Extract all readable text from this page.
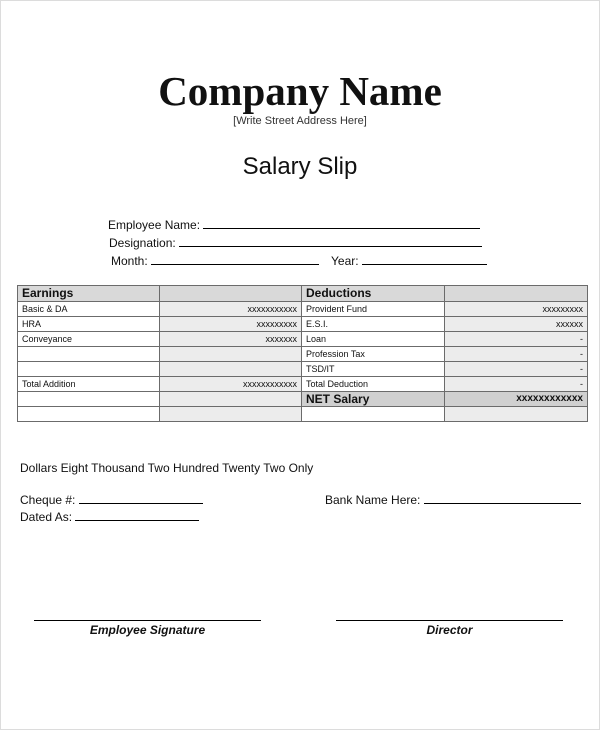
Company Name
[Write Street Address Here]
Salary Slip
Employee Name:
Designation:
Month:	Year:
Earnings		Deductions	
Basic & DA	xxxxxxxxxxx	Provident Fund	xxxxxxxxx
HRA	xxxxxxxxx	E.S.I.	xxxxxx
Conveyance	xxxxxxx	Loan	-
		Profession Tax	-
		TSD/IT	-
Total Addition	xxxxxxxxxxxx	Total Deduction	-
		NET Salary	xxxxxxxxxxxx

Dollars Eight Thousand Two Hundred Twenty Two Only
Cheque #:
Dated As:
Bank Name Here:
Employee Signature	Director
